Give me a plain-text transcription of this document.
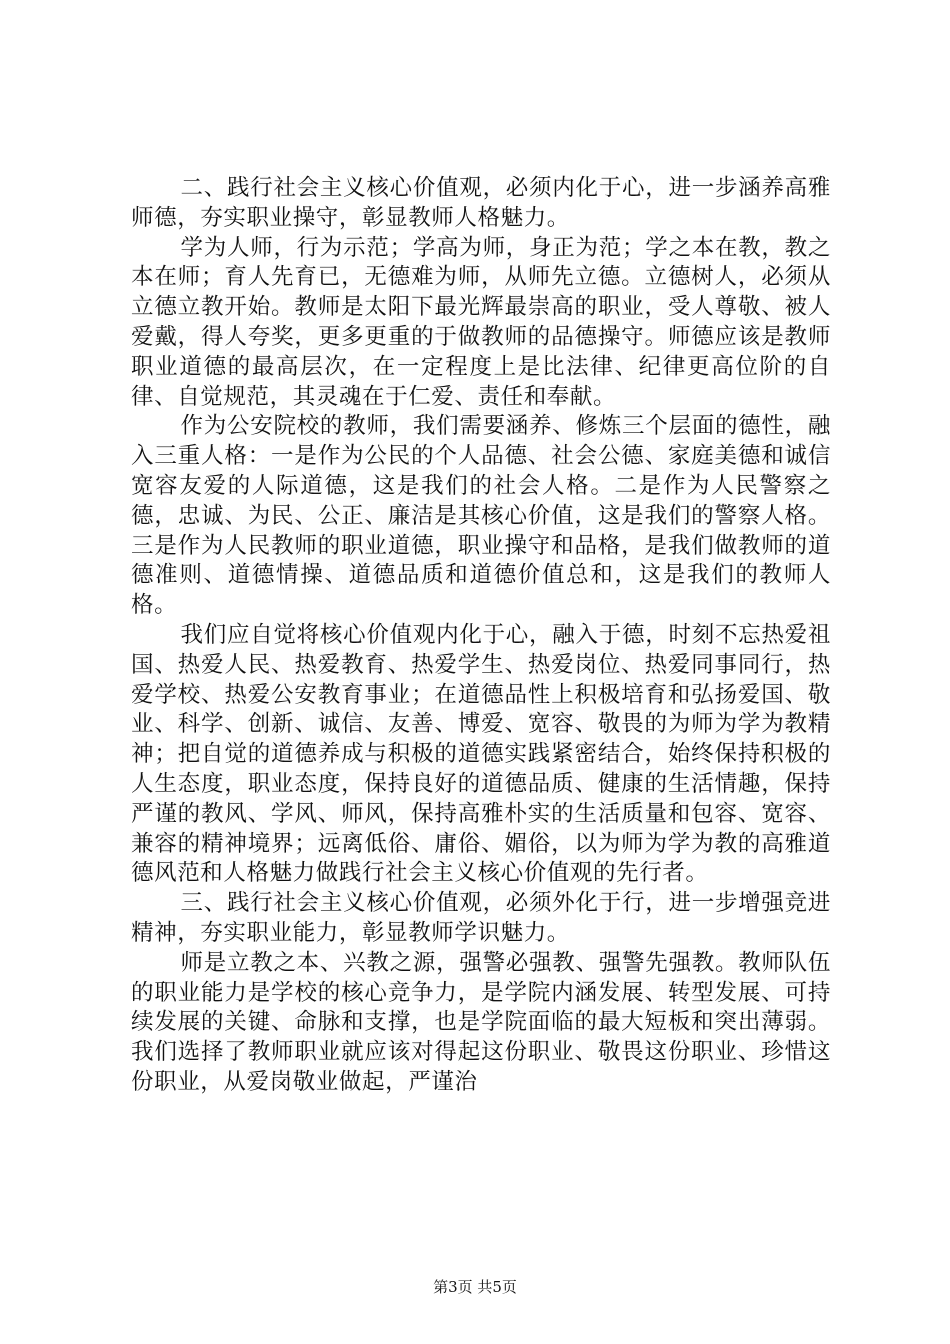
二、践行社会主义核心价值观，必须内化于心，进一步涵养高雅师德，夯实职业操守，彰显教师人格魅力。

学为人师，行为示范；学高为师，身正为范；学之本在教，教之本在师；育人先育已，无德难为师，从师先立德。立德树人，必须从立德立教开始。教师是太阳下最光辉最崇高的职业，受人尊敬、被人爱戴，得人夸奖，更多更重的于做教师的品德操守。师德应该是教师职业道德的最高层次，在一定程度上是比法律、纪律更高位阶的自律、自觉规范，其灵魂在于仁爱、责任和奉献。

作为公安院校的教师，我们需要涵养、修炼三个层面的德性，融入三重人格：一是作为公民的个人品德、社会公德、家庭美德和诚信宽容友爱的人际道德，这是我们的社会人格。二是作为人民警察之德，忠诚、为民、公正、廉洁是其核心价值，这是我们的警察人格。三是作为人民教师的职业道德，职业操守和品格，是我们做教师的道德准则、道德情操、道德品质和道德价值总和，这是我们的教师人格。

我们应自觉将核心价值观内化于心，融入于德，时刻不忘热爱祖国、热爱人民、热爱教育、热爱学生、热爱岗位、热爱同事同行，热爱学校、热爱公安教育事业；在道德品性上积极培育和弘扬爱国、敬业、科学、创新、诚信、友善、博爱、宽容、敬畏的为师为学为教精神；把自觉的道德养成与积极的道德实践紧密结合，始终保持积极的人生态度，职业态度，保持良好的道德品质、健康的生活情趣，保持严谨的教风、学风、师风，保持高雅朴实的生活质量和包容、宽容、兼容的精神境界；远离低俗、庸俗、媚俗，以为师为学为教的高雅道德风范和人格魅力做践行社会主义核心价值观的先行者。

三、践行社会主义核心价值观，必须外化于行，进一步增强竞进精神，夯实职业能力，彰显教师学识魅力。

师是立教之本、兴教之源，强警必强教、强警先强教。教师队伍的职业能力是学校的核心竞争力，是学院内涵发展、转型发展、可持续发展的关键、命脉和支撑，也是学院面临的最大短板和突出薄弱。我们选择了教师职业就应该对得起这份职业、敬畏这份职业、珍惜这份职业，从爱岗敬业做起，严谨治

第3页 共5页
